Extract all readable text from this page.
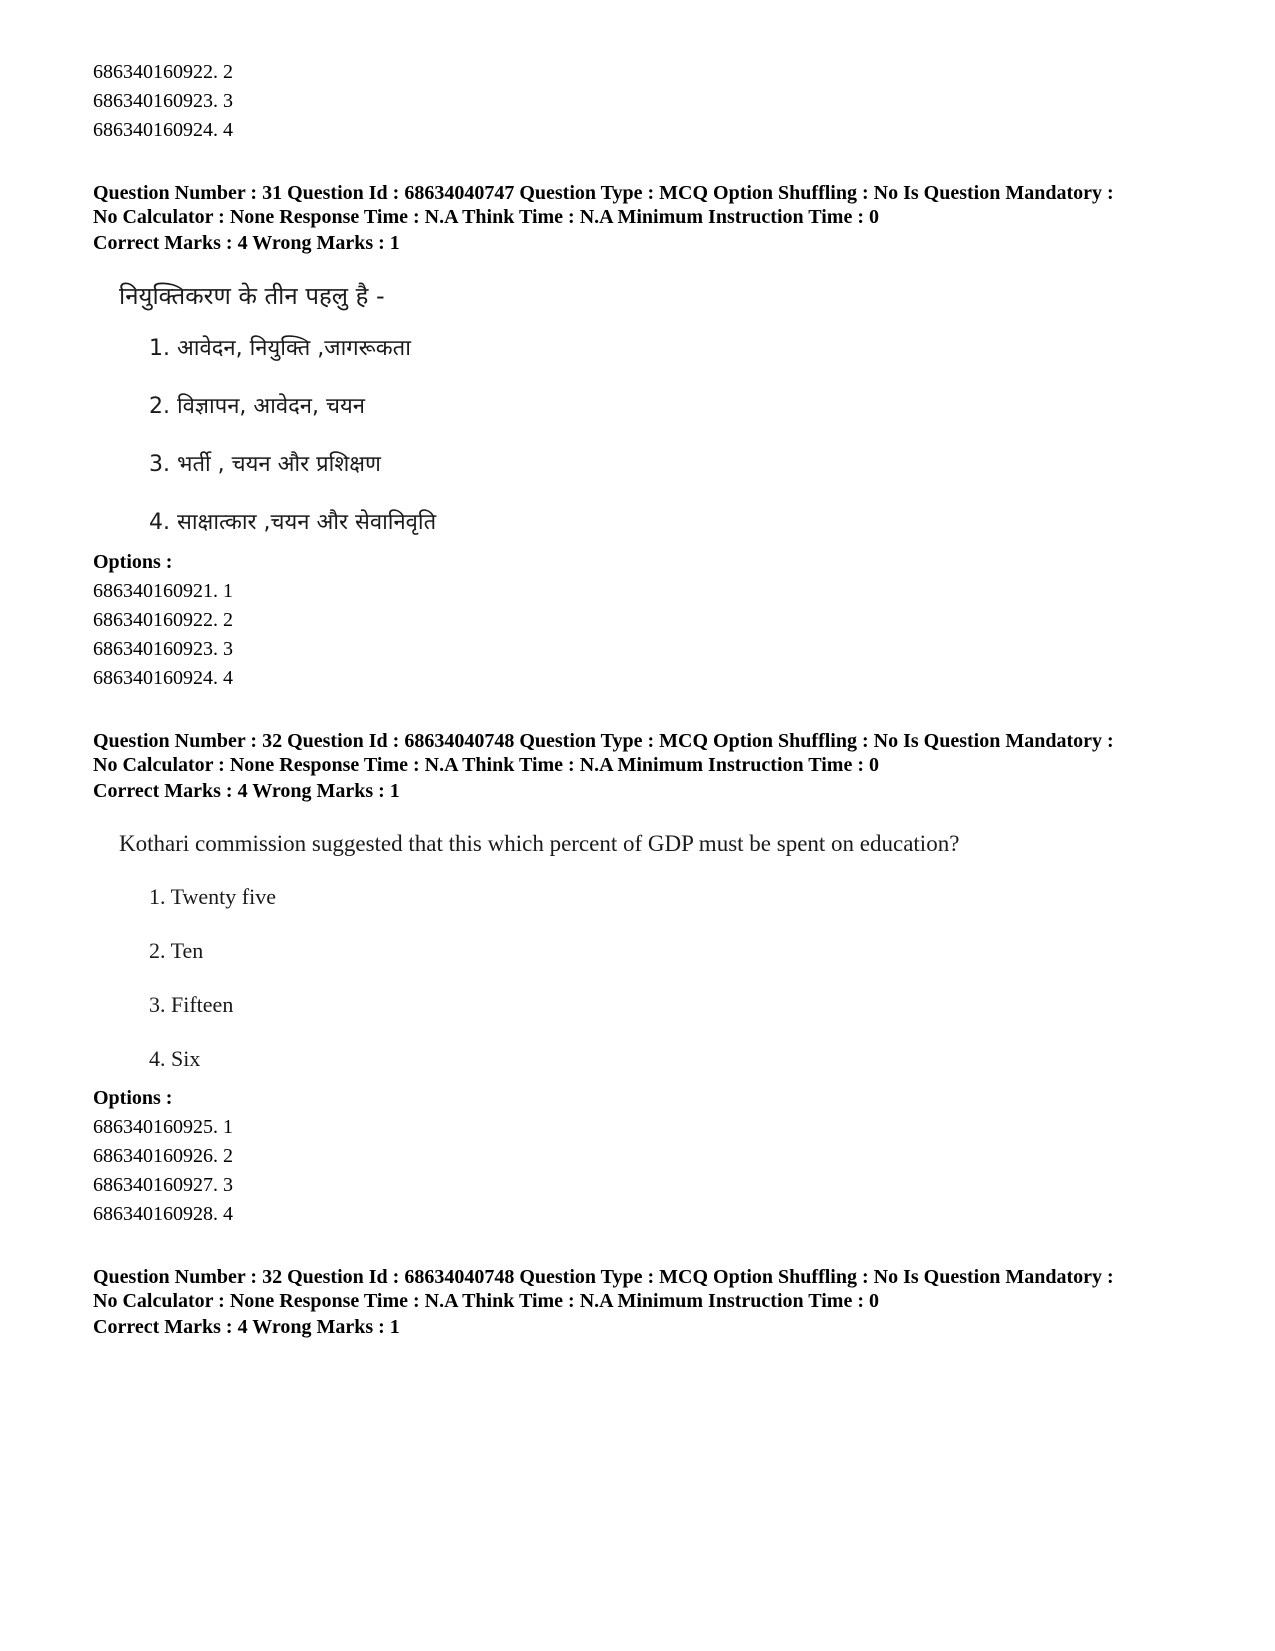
686340160922. 2
686340160923. 3
686340160924. 4
Question Number : 31 Question Id : 68634040747 Question Type : MCQ Option Shuffling : No Is Question Mandatory :
No Calculator : None Response Time : N.A Think Time : N.A Minimum Instruction Time : 0
Correct Marks : 4 Wrong Marks : 1
नियुक्तिकरण के तीन पहलु है -
1. आवेदन, नियुक्ति ,जागरूकता
2. विज्ञापन, आवेदन, चयन
3. भर्ती , चयन और प्रशिक्षण
4. साक्षात्कार ,चयन और सेवानिवृति
Options :
686340160921. 1
686340160922. 2
686340160923. 3
686340160924. 4
Question Number : 32 Question Id : 68634040748 Question Type : MCQ Option Shuffling : No Is Question Mandatory :
No Calculator : None Response Time : N.A Think Time : N.A Minimum Instruction Time : 0
Correct Marks : 4 Wrong Marks : 1
Kothari commission suggested that this which percent of GDP must be spent on education?
1. Twenty five
2. Ten
3. Fifteen
4. Six
Options :
686340160925. 1
686340160926. 2
686340160927. 3
686340160928. 4
Question Number : 32 Question Id : 68634040748 Question Type : MCQ Option Shuffling : No Is Question Mandatory :
No Calculator : None Response Time : N.A Think Time : N.A Minimum Instruction Time : 0
Correct Marks : 4 Wrong Marks : 1
